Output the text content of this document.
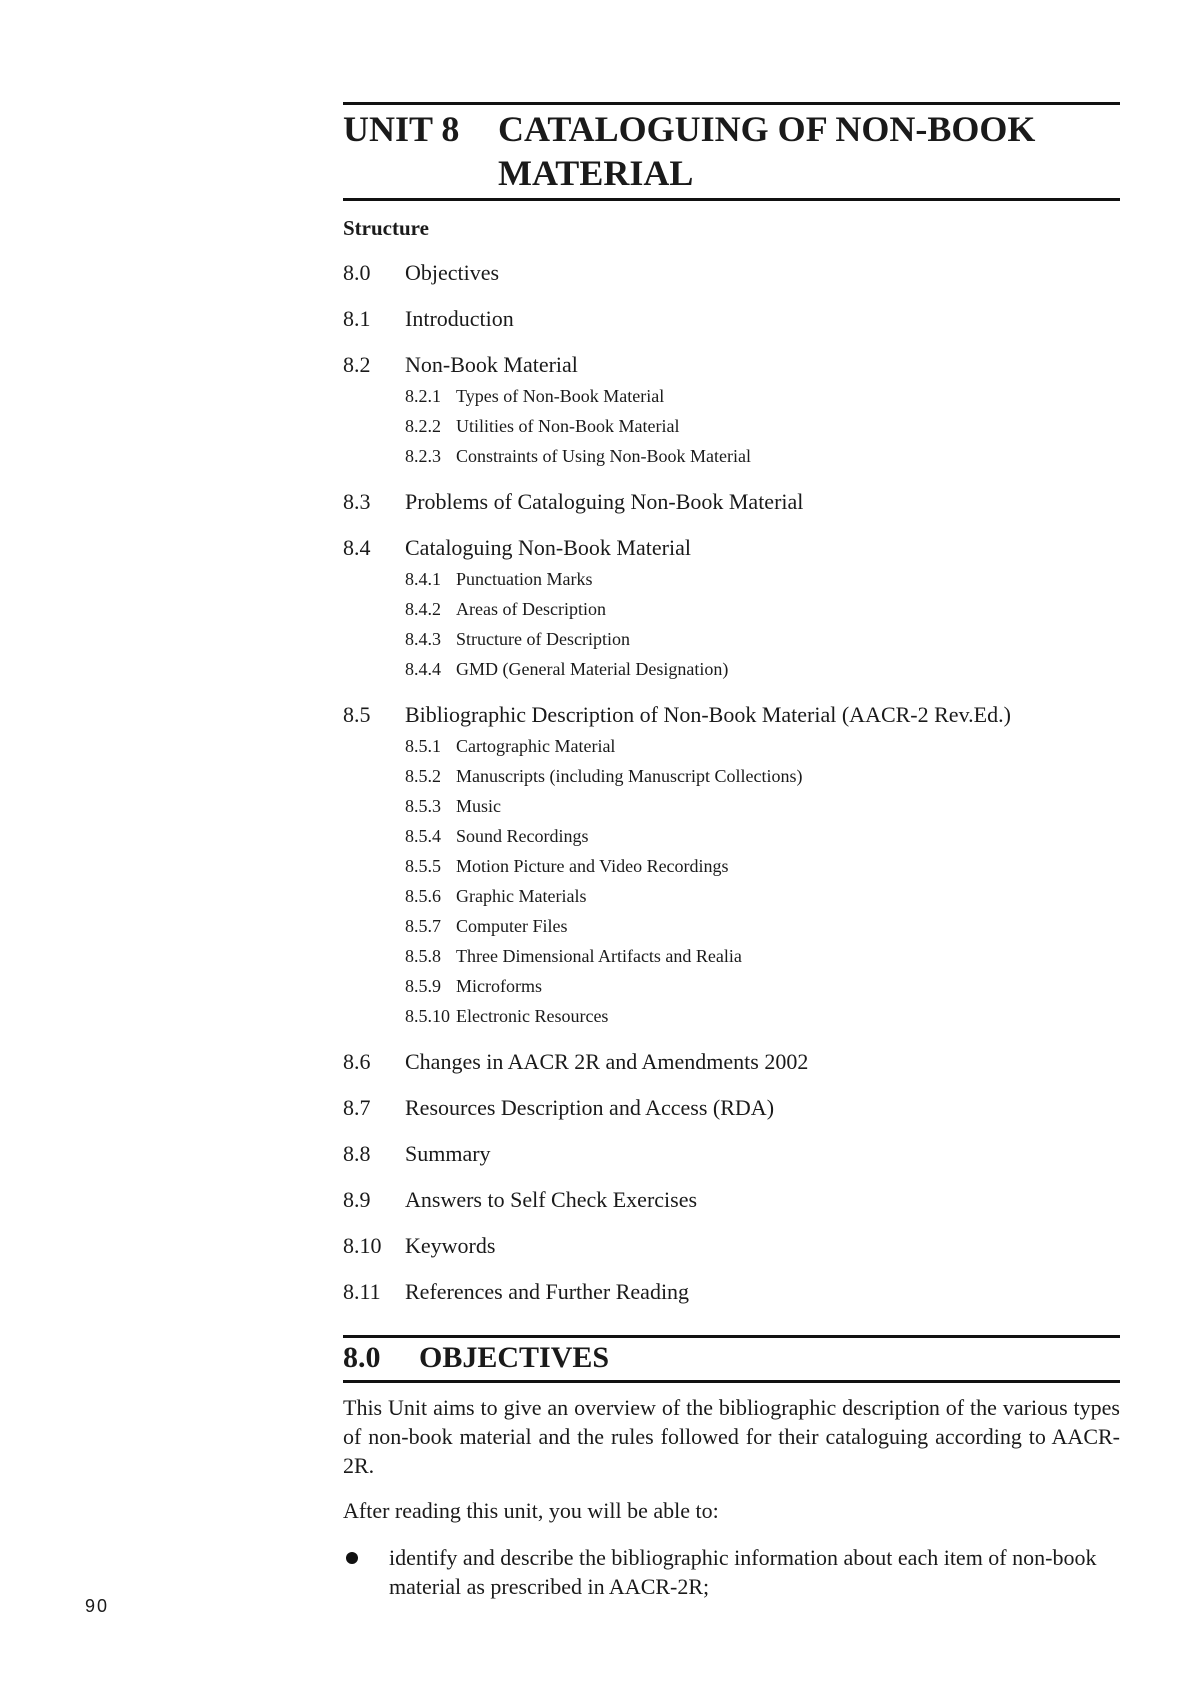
90
UNIT 8	CATALOGUING OF NON-BOOK
MATERIAL
Structure
8.0	Objectives
8.1	Introduction
8.2	Non-Book Material
8.2.1 Types of Non-Book Material
8.2.2 Utilities of Non-Book Material
8.2.3 Constraints of Using Non-Book Material
8.3	Problems of Cataloguing Non-Book Material
8.4	Cataloguing Non-Book Material
8.4.1 Punctuation Marks
8.4.2 Areas of Description
8.4.3 Structure of Description
8.4.4 GMD (General Material Designation)
8.5	Bibliographic Description of Non-Book Material (AACR-2 Rev.Ed.)
8.5.1 Cartographic Material
8.5.2 Manuscripts (including Manuscript Collections)
8.5.3 Music
8.5.4 Sound Recordings
8.5.5 Motion Picture and Video Recordings
8.5.6 Graphic Materials
8.5.7 Computer Files
8.5.8 Three Dimensional Artifacts and Realia
8.5.9 Microforms
8.5.10 Electronic Resources
8.6	Changes in AACR 2R and Amendments 2002
8.7	Resources Description and Access (RDA)
8.8	Summary
8.9	Answers to Self Check Exercises
8.10	Keywords
8.11	References and Further Reading
8.0	OBJECTIVES

This Unit aims to give an overview of the bibliographic description of the various types of non-book material and the rules followed for their cataloguing according to AACR-2R.

After reading this unit, you will be able to:

identify and describe the bibliographic information about each item of non-book material as prescribed in AACR-2R;
